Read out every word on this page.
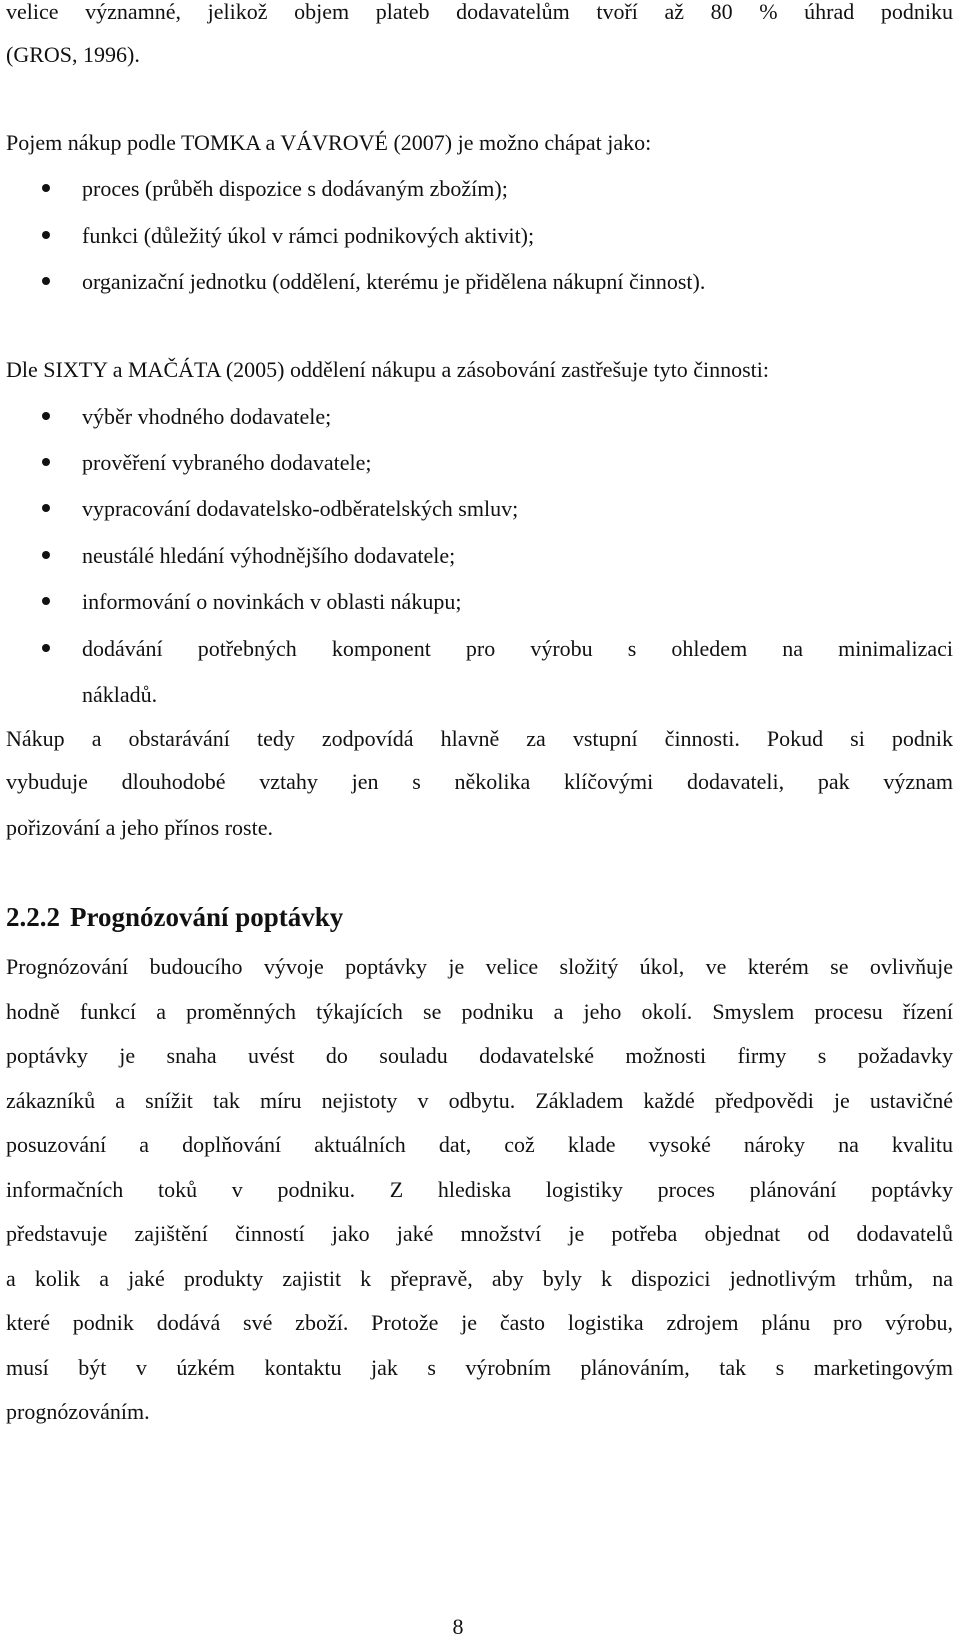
velice významné, jelikož objem plateb dodavatelům tvoří až 80 % úhrad podniku
(GROS, 1996).
Pojem nákup podle TOMKA a VÁVROVÉ (2007) je možno chápat jako:
proces (průběh dispozice s dodávaným zbožím);
funkci (důležitý úkol v rámci podnikových aktivit);
organizační jednotku (oddělení, kterému je přidělena nákupní činnost).
Dle SIXTY a MAČÁTA (2005) oddělení nákupu a zásobování zastřešuje tyto činnosti:
výběr vhodného dodavatele;
prověření vybraného dodavatele;
vypracování dodavatelsko-odběratelských smluv;
neustálé hledání výhodnějšího dodavatele;
informování o novinkách v oblasti nákupu;
dodávání potřebných komponent pro výrobu s ohledem na minimalizaci
nákladů.
Nákup a obstarávání tedy zodpovídá hlavně za vstupní činnosti. Pokud si podnik
vybuduje dlouhodobé vztahy jen s několika klíčovými dodavateli, pak význam
pořizování a jeho přínos roste.
2.2.2 Prognózování poptávky
Prognózování budoucího vývoje poptávky je velice složitý úkol, ve kterém se ovlivňuje
hodně funkcí a proměnných týkajících se podniku a jeho okolí. Smyslem procesu řízení
poptávky je snaha uvést do souladu dodavatelské možnosti firmy s požadavky
zákazníků a snížit tak míru nejistoty v odbytu. Základem každé předpovědi je ustavičné
posuzování a doplňování aktuálních dat, což klade vysoké nároky na kvalitu
informačních toků v podniku. Z hlediska logistiky proces plánování poptávky
představuje zajištění činností jako jaké množství je potřeba objednat od dodavatelů
a kolik a jaké produkty zajistit k přepravě, aby byly k dispozici jednotlivým trhům, na
které podnik dodává své zboží. Protože je často logistika zdrojem plánu pro výrobu,
musí být v úzkém kontaktu jak s výrobním plánováním, tak s marketingovým
prognózováním.
8
